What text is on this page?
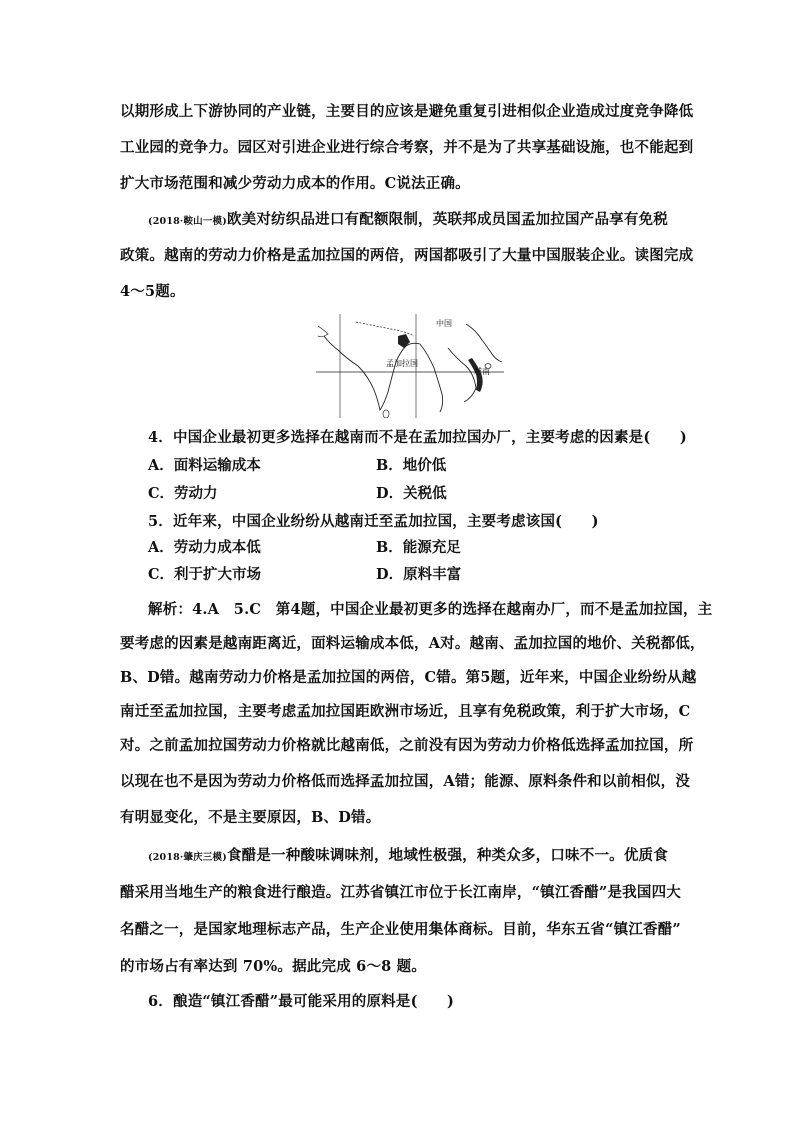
以期形成上下游协同的产业链，主要目的应该是避免重复引进相似企业造成过度竞争降低
工业园的竞争力。园区对引进企业进行综合考察，并不是为了共享基础设施，也不能起到
扩大市场范围和减少劳动力成本的作用。C说法正确。
(2018·鞍山一模)欧美对纺织品进口有配额限制，英联邦成员国孟加拉国产品享有免税
政策。越南的劳动力价格是孟加拉国的两倍，两国都吸引了大量中国服装企业。读图完成
4～5题。
中国
孟加拉国
越南
4．中国企业最初更多选择在越南而不是在孟加拉国办厂，主要考虑的因素是(　　)
A．面料运输成本	B．地价低
C．劳动力	D．关税低
5．近年来，中国企业纷纷从越南迁至孟加拉国，主要考虑该国(　　)
A．劳动力成本低	B．能源充足
C．利于扩大市场	D．原料丰富
解析：4.A　5.C　第4题，中国企业最初更多的选择在越南办厂，而不是孟加拉国，主
要考虑的因素是越南距离近，面料运输成本低，A对。越南、孟加拉国的地价、关税都低，
B、D错。越南劳动力价格是孟加拉国的两倍，C错。第5题，近年来，中国企业纷纷从越
南迁至孟加拉国，主要考虑孟加拉国距欧洲市场近，且享有免税政策，利于扩大市场，C
对。之前孟加拉国劳动力价格就比越南低，之前没有因为劳动力价格低选择孟加拉国，所
以现在也不是因为劳动力价格低而选择孟加拉国，A错；能源、原料条件和以前相似，没
有明显变化，不是主要原因，B、D错。
(2018·肇庆三模)食醋是一种酸味调味剂，地域性极强，种类众多，口味不一。优质食
醋采用当地生产的粮食进行酿造。江苏省镇江市位于长江南岸，“镇江香醋”是我国四大
名醋之一，是国家地理标志产品，生产企业使用集体商标。目前，华东五省“镇江香醋”
的市场占有率达到 70%。据此完成 6～8 题。
6．酿造“镇江香醋”最可能采用的原料是(　　)
